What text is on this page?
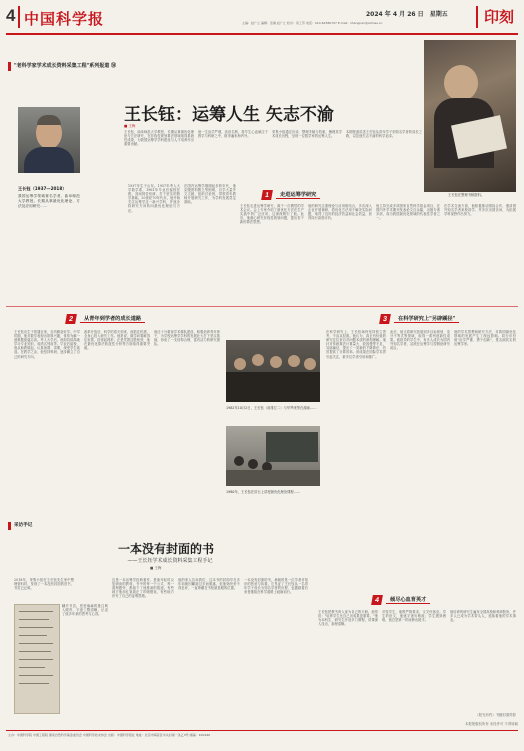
4 中国科学报	2024 年 4 月 26 日 星期五
主编：赵广立 编辑：张楠 赵广立 校对：何工劳 电话：010-62580707 E-mail：zhangnan@stimes.cn	印刻
"老科学家学术成长资料采集工程"系列报道 ㊳
王长钰在整理书稿资料。
王长钰（1937—2018）
我国运筹学领域著名学者，曲阜师范大学教授。长期从事最优化理论、方法及应用研究……
王长钰：运筹人生 矢志不渝
■ 王梅
王长钰，曲阜师范大学教授，长期从事最优化理论与方法研究，在非线性规划算法领域取得系统性成果，为我国运筹学学科建设与人才培养作出重要贡献。
他一生治学严谨，淡泊名利，将毕生心血倾注于教学与科研之中，桃李遍布海内外。
采集小组通过访谈、整理手稿与档案，梳理其学术成长历程，呈现一位数学家的运筹人生。
本期报道讲述王长钰从青年学子到知名学者的成长之路，以及他矢志不渝的科学追求。
1937年生于山东。1957年考入大学数学系，1961年毕业后留校任教。其间刻苦钻研，打下坚实的数学基础。20世纪70年代末，他开始关注运筹学这一新兴学科，并逐步将研究方向转向最优化理论与方法。
在国内运筹学刚刚起步的年代，他克服资料匮乏等困难，自学大量外文文献，组织讨论班，带领青年教师开展研究工作，为学科发展奠定基础。
1	走进运筹学研究
王长钰走进运筹学研究，源于一次偶然的学术会议。会上专家介绍了最优化方法在生产实践中的广泛应用，这深深吸引了他。此后，他潜心研究非线性规划问题，提出若干新的算法思想。
他的研究注重理论与应用相结合，多次深入企业开展调研，将优化方法用于解决实际问题，取得了良好的经济效益和社会效益，获得同行高度评价。
他主持完成多项国家自然科学基金项目，在国内外学术期刊发表论文百余篇，出版专著多部，成为我国最优化领域的代表性学者之一。
在学术交流方面，他积极推动国际合作，邀请国外知名学者来校讲学，并多次出国访问，为拓展学科视野作出努力。
2	从青年到学者的成长道路
王长钰出生于普通农家，自幼勤奋好学。中学时期，他对数学表现出浓厚兴趣，常常为解一道难题废寝忘食。考入大学后，他如饥似渴地学习专业知识，成绩名列前茅。毕业后留校，他从助教做起，认真备课、讲课，深受学生欢迎。在教学之余，他坚持科研，逐步确立了自己的研究方向。
改革开放后，科学的春天到来，他抓住机遇，全身心投入研究工作。他常说，做学问要耐得住寂寞，经得起挫折。正是凭着这股韧劲，他在最优化算法收敛性分析等方面取得重要突破。
他还十分重视学术梯队建设，积极培养青年骨干，为学校运筹学学科的发展壮大打下坚实基础，形成了一支结构合理、富有活力的研究团队。
1982年10月2日，王长钰（前排左二）与华罗庚等在湖南……
1980年，王长钰在讲台上讲授最优化理论课程……
3	在科学研究上"另辟蹊径"
在科学研究上，王长钰始终坚持独立思考，不盲从权威。他认为，真正有价值的研究往往来自对问题本质的深刻理解。他针对传统算法计算量大、收敛慢等不足，另辟蹊径，提出了一类新的下降算法，有效提高了计算效率。该成果在国际学术界引起关注，被多位学者引用和推广。
此后，他又将研究拓展到多目标规划、变分不等式等领域，取得一系列创新性成果。他指导的学生中，有多人成长为国内外知名学者，活跃在运筹学与控制论研究前沿。
他的学术思想和研究方法，对我国最优化领域的发展产生了深远影响。同行评价他"治学严谨、勇于创新"，是名副其实的运筹学家。
采访手记
一本没有封面的书
——王长钰学术成长资料采集工程手记
■ 王梅
2018年，采集小组在王长钰先生家中整理资料时，发现了一本没有封面的旧书，书页已泛黄。
翻开书页，密密麻麻的批注映入眼帘，字迹工整清晰，记录了他多年来的思考与心得。
这是一本运筹学经典著作，是他年轻时反复研读的教材。书中的每一个公式、每一道例题旁，都留下了他推演的痕迹。有些地方他用红笔改正了印刷错误，有些地方补充了自己的证明思路。
他的家人告诉我们，这本书的封面早在多年前就因翻阅过多而脱落，但他始终舍不得丢弃，一直珍藏在书柜最显眼的位置。
一本没有封面的书，承载的是一位学者对知识的热爱与执着。它见证了王长钰从一名青年学子成长为知名学者的历程，也激励着后来者继续在科学道路上砥砺前行。
4	倾尽心血育英才
王长钰把教书育人视为自己的天职。他常说："培养学生比自己出成果更重要。"他为本科生、研究生开设多门课程，讲课深入浅出，条理清晰。
对待学生，他既严格要求，又关怀备至。学生的论文，他逐字逐句修改；学生遇到困难，他总是第一时间伸出援手。
他培养的研究生遍布全国高校和科研院所，许多人已成为学术带头人，延续着他的学术事业。
《阳光有约》书籍封面剪影
本报报版权所有 未经许可 不得转载
主办：中国科学院 中国工程院 国家自然科学基金委员会 中国科学技术协会 出版：中国科学报社 地址：北京市海淀区中关村南一条乙3号 邮编：100190
